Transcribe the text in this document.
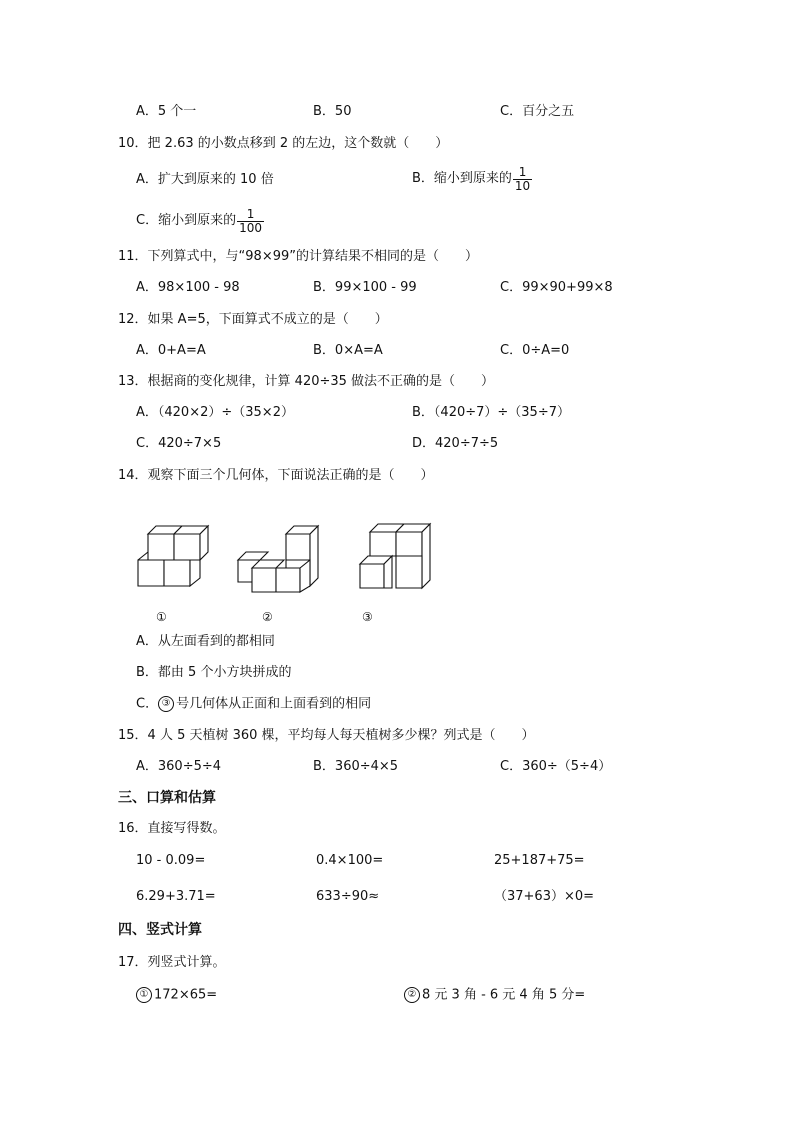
A．5 个一	B．50	C．百分之五
10．把 2.63 的小数点移到 2 的左边，这个数就（　　）
A．扩大到原来的 10 倍	B．缩小到原来的 $\frac{1}{10}$
C．缩小到原来的 $\frac{1}{100}$
11．下列算式中，与“98×99”的计算结果不相同的是（　　）
A．98×100 - 98	B．99×100 - 99	C．99×90+99×8
12．如果 A=5，下面算式不成立的是（　　）
A．0+A=A	B．0×A=A	C．0÷A=0
13．根据商的变化规律，计算 420÷35 做法不正确的是（　　）
A．（420×2）÷（35×2）	B．（420÷7）÷（35÷7）
C．420÷7×5	D．420÷7÷5
14．观察下面三个几何体，下面说法正确的是（　　）
①	②	③
A．从左面看到的都相同
B．都由 5 个小方块拼成的
C． ③ 号几何体从正面和上面看到的相同
15．4 人 5 天植树 360 棵，平均每人每天植树多少棵？列式是（　　）
A．360÷5÷4	B．360÷4×5	C．360÷（5÷4）
三、口算和估算
16．直接写得数。
10 - 0.09=	0.4×100=	25+187+75=
6.29+3.71=	633÷90≈	（37+63）×0=
四、竖式计算
17．列竖式计算。
① 172×65=	② 8 元 3 角 - 6 元 4 角 5 分=
